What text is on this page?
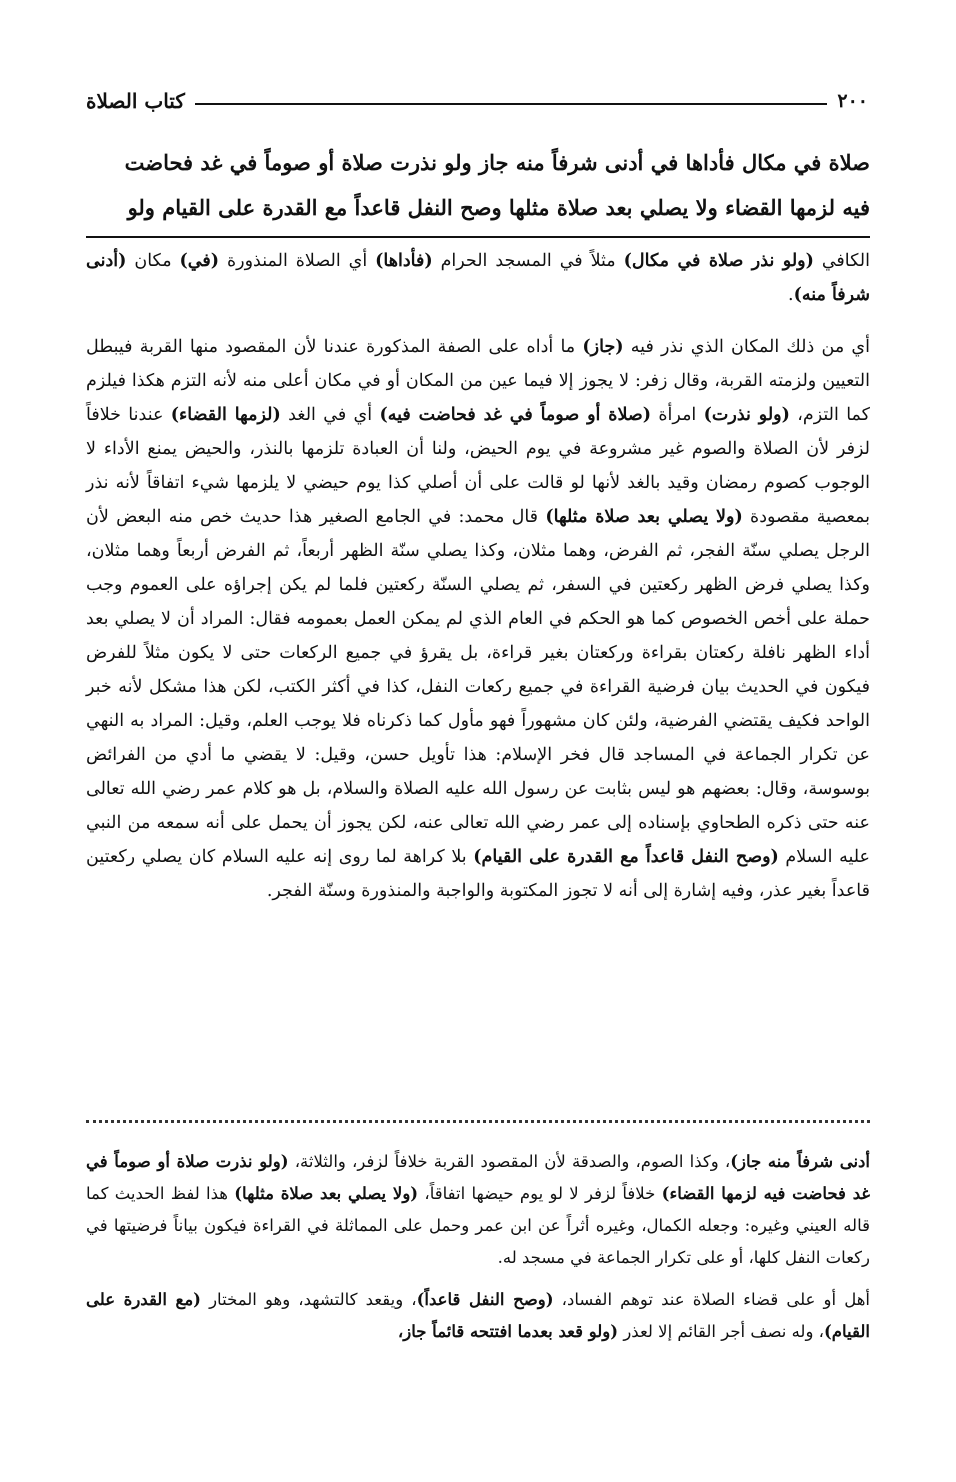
٢٠٠
كتاب الصلاة

صلاة في مكال فأداها في أدنى شرفاً منه جاز ولو نذرت صلاة أو صوماً في غد فحاضت

فيه لزمها القضاء ولا يصلي بعد صلاة مثلها وصح النفل قاعداً مع القدرة على القيام ولو

الكافي (ولو نذر صلاة في مكال) مثلاً في المسجد الحرام (فأداها) أي الصلاة المنذورة (في) مكان (أدنى شرفاً منه).

أي من ذلك المكان الذي نذر فيه (جاز) ما أداه على الصفة المذكورة عندنا لأن المقصود منها القربة فيبطل التعيين ولزمته القربة، وقال زفر: لا يجوز إلا فيما عين من المكان أو في مكان أعلى منه لأنه التزم هكذا فيلزم كما التزم، (ولو نذرت) امرأة (صلاة أو صوماً في غد فحاضت فيه) أي في الغد (لزمها القضاء) عندنا خلافاً لزفر لأن الصلاة والصوم غير مشروعة في يوم الحيض، ولنا أن العبادة تلزمها بالنذر، والحيض يمنع الأداء لا الوجوب كصوم رمضان وقيد بالغد لأنها لو قالت على أن أصلي كذا يوم حيضي لا يلزمها شيء اتفاقاً لأنه نذر بمعصية مقصودة (ولا يصلي بعد صلاة مثلها) قال محمد: في الجامع الصغير هذا حديث خص منه البعض لأن الرجل يصلي سنّة الفجر، ثم الفرض، وهما مثلان، وكذا يصلي سنّة الظهر أربعاً، ثم الفرض أربعاً وهما مثلان، وكذا يصلي فرض الظهر ركعتين في السفر، ثم يصلي السنّة ركعتين فلما لم يكن إجراؤه على العموم وجب حملة على أخص الخصوص كما هو الحكم في العام الذي لم يمكن العمل بعمومه فقال: المراد أن لا يصلي بعد أداء الظهر نافلة ركعتان بقراءة وركعتان بغير قراءة، بل يقرؤ في جميع الركعات حتى لا يكون مثلاً للفرض فيكون في الحديث بيان فرضية القراءة في جميع ركعات النفل، كذا في أكثر الكتب، لكن هذا مشكل لأنه خبر الواحد فكيف يقتضي الفرضية، ولئن كان مشهوراً فهو مأول كما ذكرناه فلا يوجب العلم، وقيل: المراد به النهي عن تكرار الجماعة في المساجد قال فخر الإسلام: هذا تأويل حسن، وقيل: لا يقضي ما أدي من الفرائض بوسوسة، وقال: بعضهم هو ليس بثابت عن رسول الله عليه الصلاة والسلام، بل هو كلام عمر رضي الله تعالى عنه حتى ذكره الطحاوي بإسناده إلى عمر رضي الله تعالى عنه، لكن يجوز أن يحمل على أنه سمعه من النبي عليه السلام (وصح النفل قاعداً مع القدرة على القيام) بلا كراهة لما روى إنه عليه السلام كان يصلي ركعتين قاعداً بغير عذر، وفيه إشارة إلى أنه لا تجوز المكتوبة والواجبة والمنذورة وسنّة الفجر.

أدنى شرفاً منه جاز)، وكذا الصوم، والصدقة لأن المقصود القربة خلافاً لزفر، والثلاثة، (ولو نذرت صلاة أو صوماً في غد فحاضت فيه لزمها القضاء) خلافاً لزفر لا لو يوم حيضها اتفاقاً، (ولا يصلي بعد صلاة مثلها) هذا لفظ الحديث كما قاله العيني وغيره: وجعله الكمال، وغيره أثراً عن ابن عمر وحمل على المماثلة في القراءة فيكون بياناً فرضيتها في ركعات النفل كلها، أو على تكرار الجماعة في مسجد له.

أهل أو على قضاء الصلاة عند توهم الفساد، (وصح النفل قاعداً)، ويقعد كالتشهد، وهو المختار (مع القدرة على القيام)، وله نصف أجر القائم إلا لعذر (ولو قعد بعدما افتتحه قائماً جاز،
